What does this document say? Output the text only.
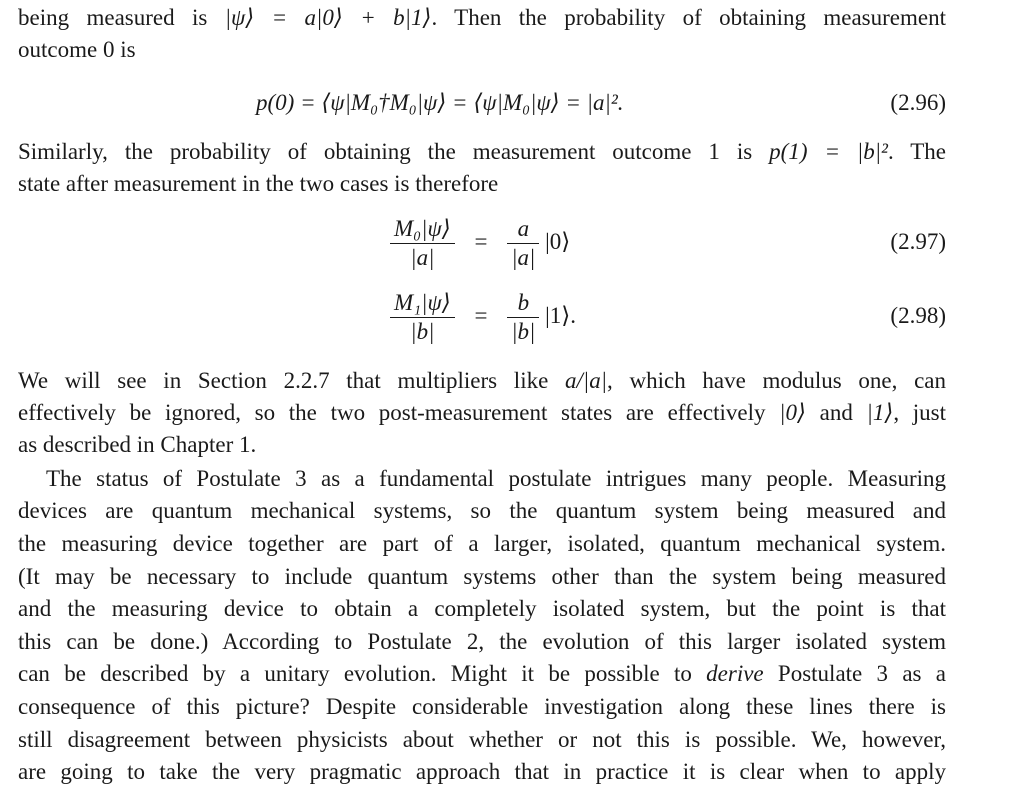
being measured is |ψ⟩ = a|0⟩ + b|1⟩. Then the probability of obtaining measurement

outcome 0 is

p(0) = ⟨ψ|M₀†M₀|ψ⟩ = ⟨ψ|M₀|ψ⟩ = |a|².	(2.96)

Similarly, the probability of obtaining the measurement outcome 1 is p(1) = |b|². The

state after measurement in the two cases is therefore

$\frac{\text{M₀|ψ⟩}}{|a|} = \frac{a}{|a|}$ |0⟩	(2.97)
$\frac{\text{M₁|ψ⟩}}{|b|} = \frac{b}{|b|}$ |1⟩.	(2.98)

We will see in Section 2.2.7 that multipliers like a/|a|, which have modulus one, can

effectively be ignored, so the two post-measurement states are effectively |0⟩ and |1⟩, just

as described in Chapter 1.

The status of Postulate 3 as a fundamental postulate intrigues many people. Measuring

devices are quantum mechanical systems, so the quantum system being measured and

the measuring device together are part of a larger, isolated, quantum mechanical system.

(It may be necessary to include quantum systems other than the system being measured

and the measuring device to obtain a completely isolated system, but the point is that

this can be done.) According to Postulate 2, the evolution of this larger isolated system

can be described by a unitary evolution. Might it be possible to derive Postulate 3 as a

consequence of this picture? Despite considerable investigation along these lines there is

still disagreement between physicists about whether or not this is possible. We, however,

are going to take the very pragmatic approach that in practice it is clear when to apply
